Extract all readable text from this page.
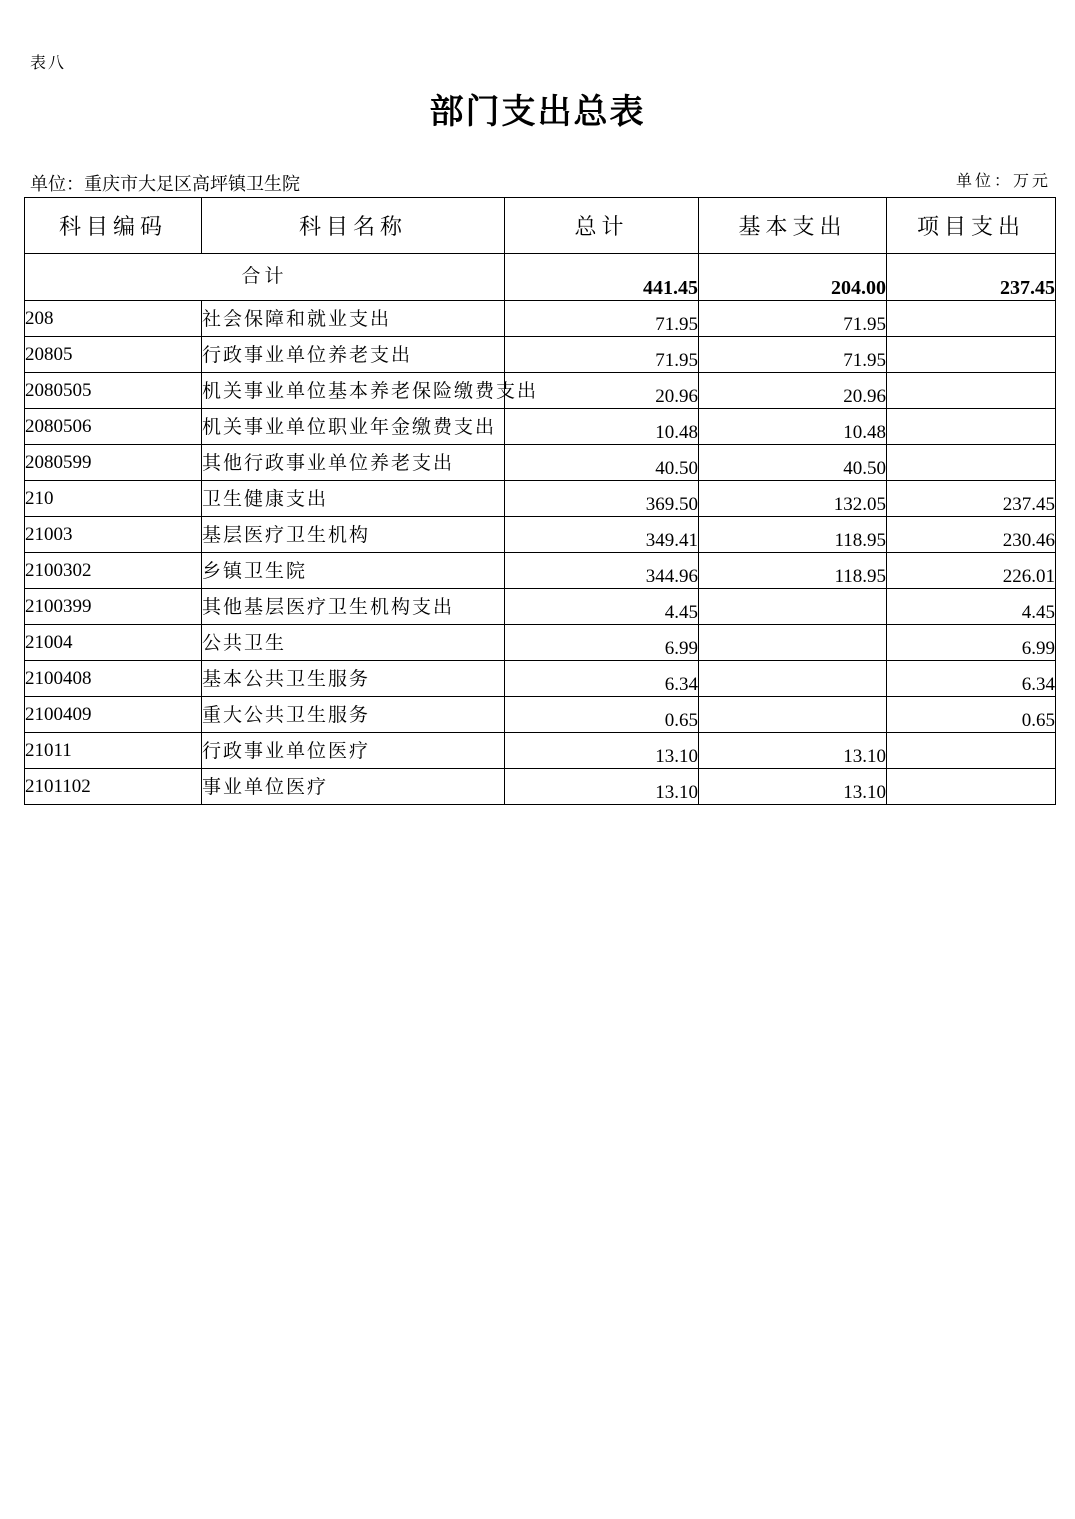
表八
部门支出总表
单位：重庆市大足区高坪镇卫生院	单位：万元
科目编码	科目名称	总计	基本支出	项目支出
合计		441.45	204.00	237.45
208	社会保障和就业支出	71.95	71.95	
20805	行政事业单位养老支出	71.95	71.95	
2080505	机关事业单位基本养老保险缴费支出	20.96	20.96	
2080506	机关事业单位职业年金缴费支出	10.48	10.48	
2080599	其他行政事业单位养老支出	40.50	40.50	
210	卫生健康支出	369.50	132.05	237.45
21003	基层医疗卫生机构	349.41	118.95	230.46
2100302	乡镇卫生院	344.96	118.95	226.01
2100399	其他基层医疗卫生机构支出	4.45		4.45
21004	公共卫生	6.99		6.99
2100408	基本公共卫生服务	6.34		6.34
2100409	重大公共卫生服务	0.65		0.65
21011	行政事业单位医疗	13.10	13.10	
2101102	事业单位医疗	13.10	13.10	
